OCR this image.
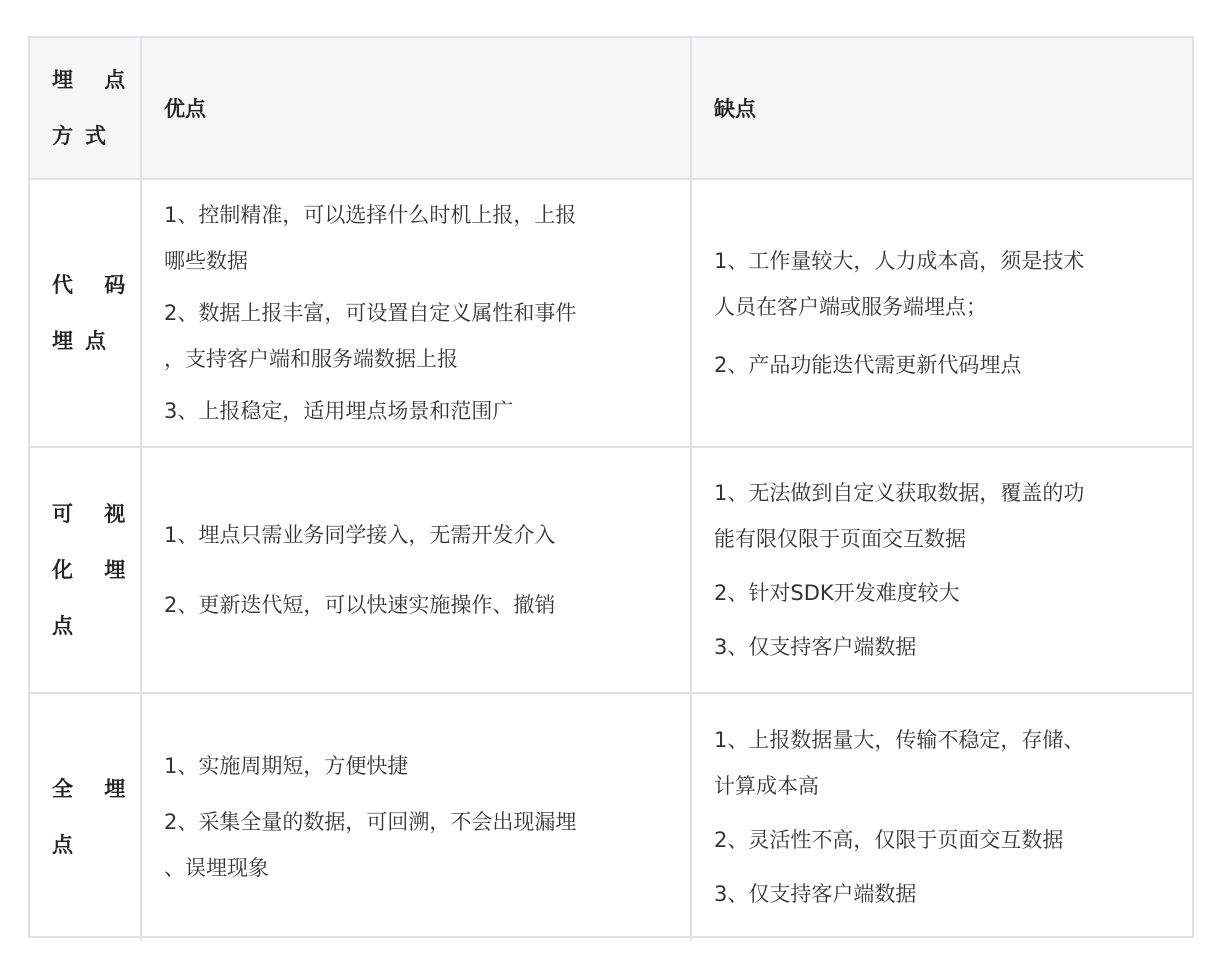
埋 点
方式
优点	缺点
代 码
埋点
1、控制精准，可以选择什么时机上报，上报
哪些数据
2、数据上报丰富，可设置自定义属性和事件
，支持客户端和服务端数据上报
3、上报稳定，适用埋点场景和范围广
1、工作量较大，人力成本高，须是技术
人员在客户端或服务端埋点；
2、产品功能迭代需更新代码埋点
可 视
化 埋
点
1、埋点只需业务同学接入，无需开发介入
2、更新迭代短，可以快速实施操作、撤销
1、无法做到自定义获取数据，覆盖的功
能有限仅限于页面交互数据
2、针对SDK开发难度较大
3、仅支持客户端数据
全 埋
点
1、实施周期短，方便快捷
2、采集全量的数据，可回溯，不会出现漏埋
、误埋现象
1、上报数据量大，传输不稳定，存储、
计算成本高
2、灵活性不高，仅限于页面交互数据
3、仅支持客户端数据
